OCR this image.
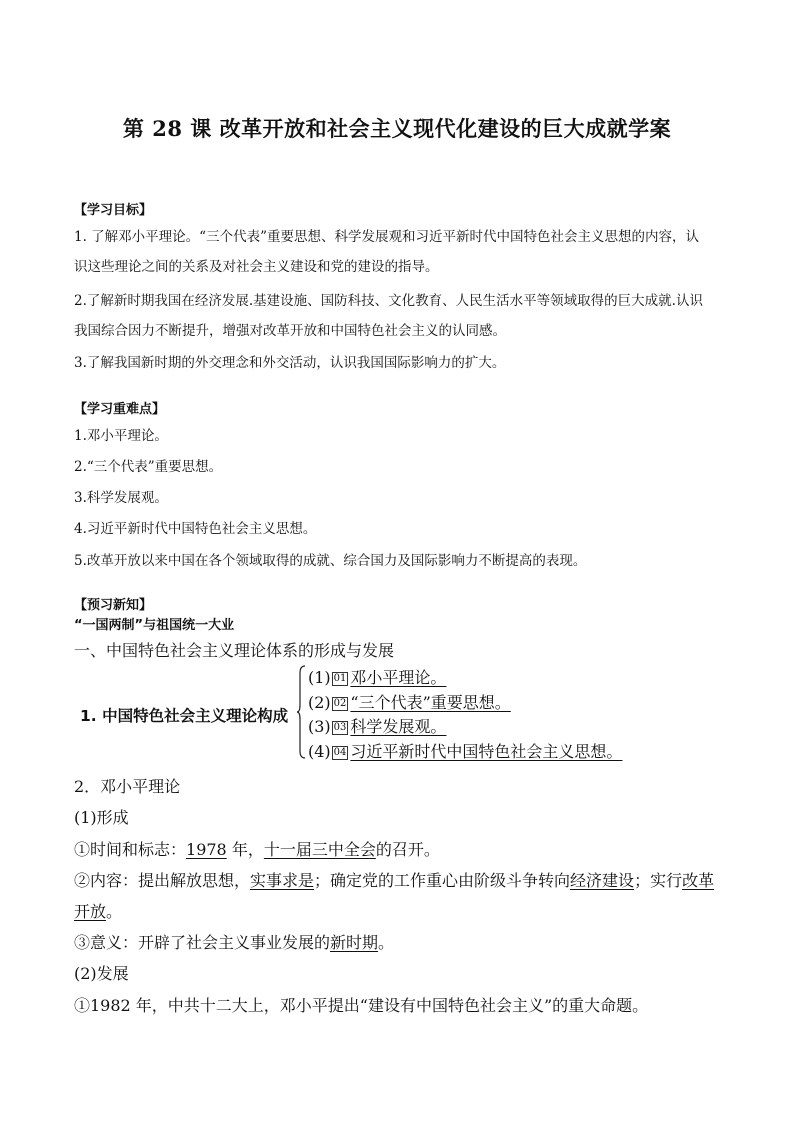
第 28 课 改革开放和社会主义现代化建设的巨大成就学案
【学习目标】
1. 了解邓小平理论。“三个代表”重要思想、科学发展观和习近平新时代中国特色社会主义思想的内容，认
识这些理论之间的关系及对社会主义建设和党的建设的指导。
2.了解新时期我国在经济发展.基建设施、国防科技、文化教育、人民生活水平等领域取得的巨大成就.认识
我国综合因力不断提升，增强对改革开放和中国特色社会主义的认同感。
3.了解我国新时期的外交理念和外交活动，认识我国国际影响力的扩大。
【学习重难点】
1.邓小平理论。
2.“三个代表”重要思想。
3.科学发展观。
4.习近平新时代中国特色社会主义思想。
5.改革开放以来中国在各个领域取得的成就、综合国力及国际影响力不断提高的表现。
【预习新知】
“一国两制”与祖国统一大业
一、中国特色社会主义理论体系的形成与发展
1. 中国特色社会主义理论构成
(1) 01 邓小平理论。
(2) 02 “三个代表”重要思想。
(3) 03 科学发展观。
(4) 04 习近平新时代中国特色社会主义思想。
2．邓小平理论
(1)形成
①时间和标志：1978 年，十一届三中全会的召开。
②内容：提出解放思想，实事求是；确定党的工作重心由阶级斗争转向经济建设；实行改革
开放。
③意义：开辟了社会主义事业发展的新时期。
(2)发展
①1982 年，中共十二大上，邓小平提出“建设有中国特色社会主义”的重大命题。
